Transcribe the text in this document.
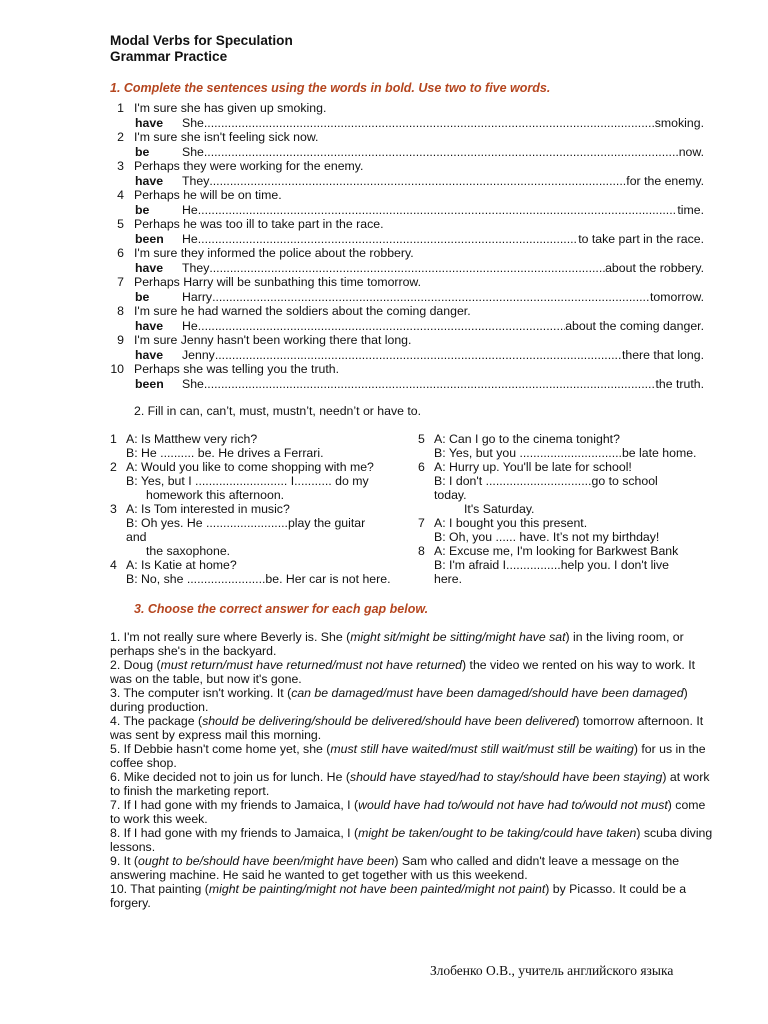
Modal Verbs for Speculation
Grammar Practice
1. Complete the sentences using the words in bold. Use two to five words.
1 I'm sure she has given up smoking.
have	She .....	smoking.
2 I'm sure she isn't feeling sick now.
be	She .....	now.
3 Perhaps they were working for the enemy.
have	They .....	for the enemy.
4 Perhaps he will be on time.
be	He .....	time.
5 Perhaps he was too ill to take part in the race.
been	He .....	to take part in the race.
6 I'm sure they informed the police about the robbery.
have	They .....	about the robbery.
7 Perhaps Harry will be sunbathing this time tomorrow.
be	Harry .....	tomorrow.
8 I'm sure he had warned the soldiers about the coming danger.
have	He .....	about the coming danger.
9 I'm sure Jenny hasn't been working there that long.
have	Jenny .....	there that long.
10 Perhaps she was telling you the truth.
been	She .....	the truth.
2. Fill in can, can’t, must, mustn’t, needn’t or have to.
1 A: Is Matthew very rich?
B: He .......... be. He drives a Ferrari.
2 A: Would you like to come shopping with me?
B: Yes, but I ........................... I........... do my
homework this afternoon.
3 A: Is Tom interested in music?
B: Oh yes. He ........................play the guitar
and
the saxophone.
4 A: Is Katie at home?
B: No, she .......................be. Her car is not here.
5 A: Can I go to the cinema tonight?
B: Yes, but you ..............................be late home.
6 A: Hurry up. You'll be late for school!
B: I don't ...............................go to school
today.
It's Saturday.
7 A: I bought you this present.
B: Oh, you ...... have. It’s not my birthday!
8 A: Excuse me, I'm looking for Barkwest Bank
B: I'm afraid I................help you. I don't live
here.
3. Choose the correct answer for each gap below.

1. I'm not really sure where Beverly is. She (might sit/might be sitting/might have sat) in the living room, or perhaps she's in the backyard.

2. Doug (must return/must have returned/must not have returned) the video we rented on his way to work. It was on the table, but now it's gone.

3. The computer isn't working. It (can be damaged/must have been damaged/should have been damaged) during production.

4. The package (should be delivering/should be delivered/should have been delivered) tomorrow afternoon. It was sent by express mail this morning.

5. If Debbie hasn't come home yet, she (must still have waited/must still wait/must still be waiting) for us in the coffee shop.

6. Mike decided not to join us for lunch. He (should have stayed/had to stay/should have been staying) at work to finish the marketing report.

7. If I had gone with my friends to Jamaica, I (would have had to/would not have had to/would not must) come to work this week.

8. If I had gone with my friends to Jamaica, I (might be taken/ought to be taking/could have taken) scuba diving lessons.

9. It (ought to be/should have been/might have been) Sam who called and didn't leave a message on the answering machine. He said he wanted to get together with us this weekend.

10. That painting (might be painting/might not have been painted/might not paint) by Picasso. It could be a forgery.

Злобенко О.В., учитель английского языка
